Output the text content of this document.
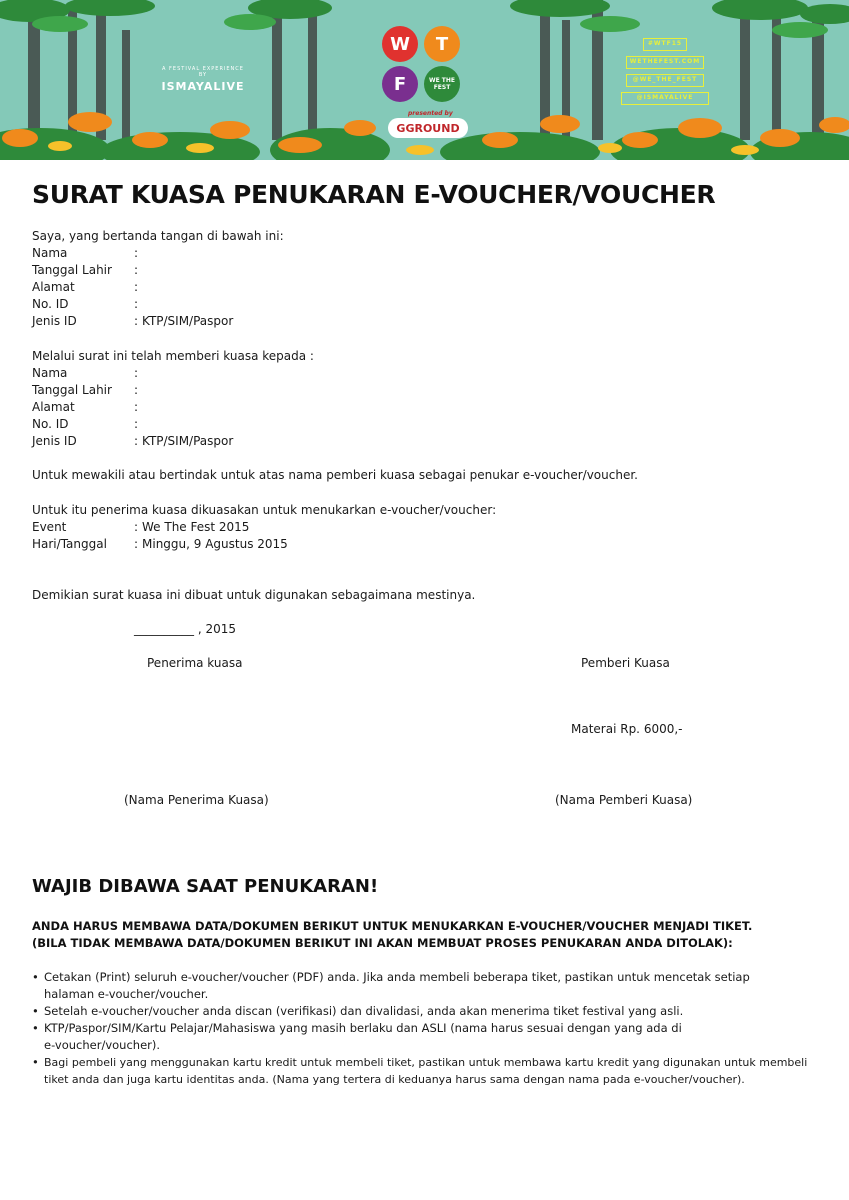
A FESTIVAL EXPERIENCE BY
ISMAYALIVE
W	T
F	WE THE FEST
presented by
GGROUND
#WTF15
WETHEFEST.COM
@WE_THE_FEST
@ISMAYALIVE
SURAT KUASA PENUKARAN E-VOUCHER/VOUCHER
Saya, yang bertanda tangan di bawah ini:
Nama	:
Tanggal Lahir :
Alamat	:
No. ID	:
Jenis ID	: KTP/SIM/Paspor
Melalui surat ini telah memberi kuasa kepada :
Nama	:
Tanggal Lahir :
Alamat	:
No. ID	:
Jenis ID	: KTP/SIM/Paspor
Untuk mewakili atau bertindak untuk atas nama pemberi kuasa sebagai penukar e-voucher/voucher.
Untuk itu penerima kuasa dikuasakan untuk menukarkan e-voucher/voucher:
Event	: We The Fest 2015
Hari/Tanggal : Minggu, 9 Agustus 2015
Demikian surat kuasa ini dibuat untuk digunakan sebagaimana mestinya.
__________ , 2015
Penerima kuasa	Pemberi Kuasa
Materai Rp. 6000,-
(Nama Penerima Kuasa)	(Nama Pemberi Kuasa)
WAJIB DIBAWA SAAT PENUKARAN!
ANDA HARUS MEMBAWA DATA/DOKUMEN BERIKUT UNTUK MENUKARKAN E-VOUCHER/VOUCHER MENJADI TIKET.
(BILA TIDAK MEMBAWA DATA/DOKUMEN BERIKUT INI AKAN MEMBUAT PROSES PENUKARAN ANDA DITOLAK):
• Cetakan (Print) seluruh e-voucher/voucher (PDF) anda. Jika anda membeli beberapa tiket, pastikan untuk mencetak setiap
halaman e-voucher/voucher.
• Setelah e-voucher/voucher anda discan (verifikasi) dan divalidasi, anda akan menerima tiket festival yang asli.
• KTP/Paspor/SIM/Kartu Pelajar/Mahasiswa yang masih berlaku dan ASLI (nama harus sesuai dengan yang ada di
e-voucher/voucher).
• Bagi pembeli yang menggunakan kartu kredit untuk membeli tiket, pastikan untuk membawa kartu kredit yang digunakan untuk membeli
tiket anda dan juga kartu identitas anda. (Nama yang tertera di keduanya harus sama dengan nama pada e-voucher/voucher).
